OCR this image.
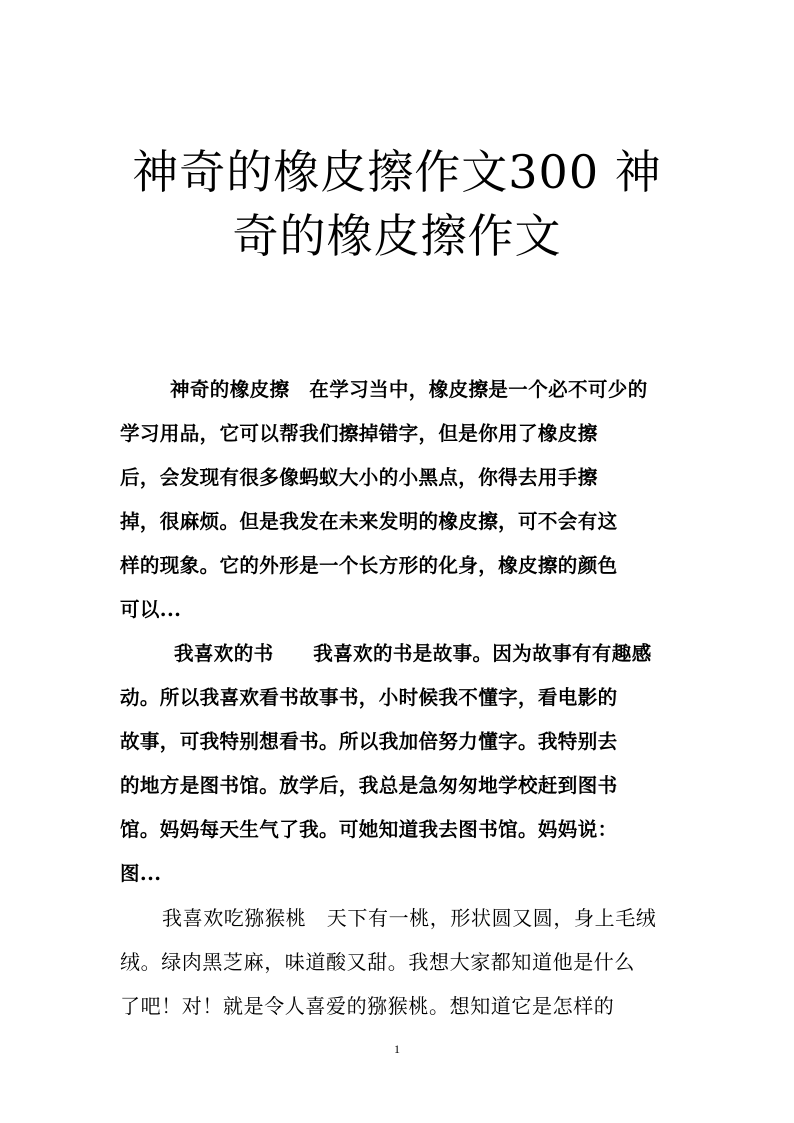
神奇的橡皮擦作文300 神
奇的橡皮擦作文
神奇的橡皮擦　在学习当中，橡皮擦是一个必不可少的
学习用品，它可以帮我们擦掉错字，但是你用了橡皮擦
后，会发现有很多像蚂蚁大小的小黑点，你得去用手擦
掉，很麻烦。但是我发在未来发明的橡皮擦，可不会有这
样的现象。它的外形是一个长方形的化身，橡皮擦的颜色
可以...
我喜欢的书　　我喜欢的书是故事。因为故事有有趣感
动。所以我喜欢看书故事书，小时候我不懂字，看电影的
故事，可我特别想看书。所以我加倍努力懂字。我特别去
的地方是图书馆。放学后，我总是急匆匆地学校赶到图书
馆。妈妈每天生气了我。可她知道我去图书馆。妈妈说：
图...
我喜欢吃猕猴桃　天下有一桃，形状圆又圆，身上毛绒
绒。绿肉黑芝麻，味道酸又甜。我想大家都知道他是什么
了吧！对！就是令人喜爱的猕猴桃。想知道它是怎样的
1
